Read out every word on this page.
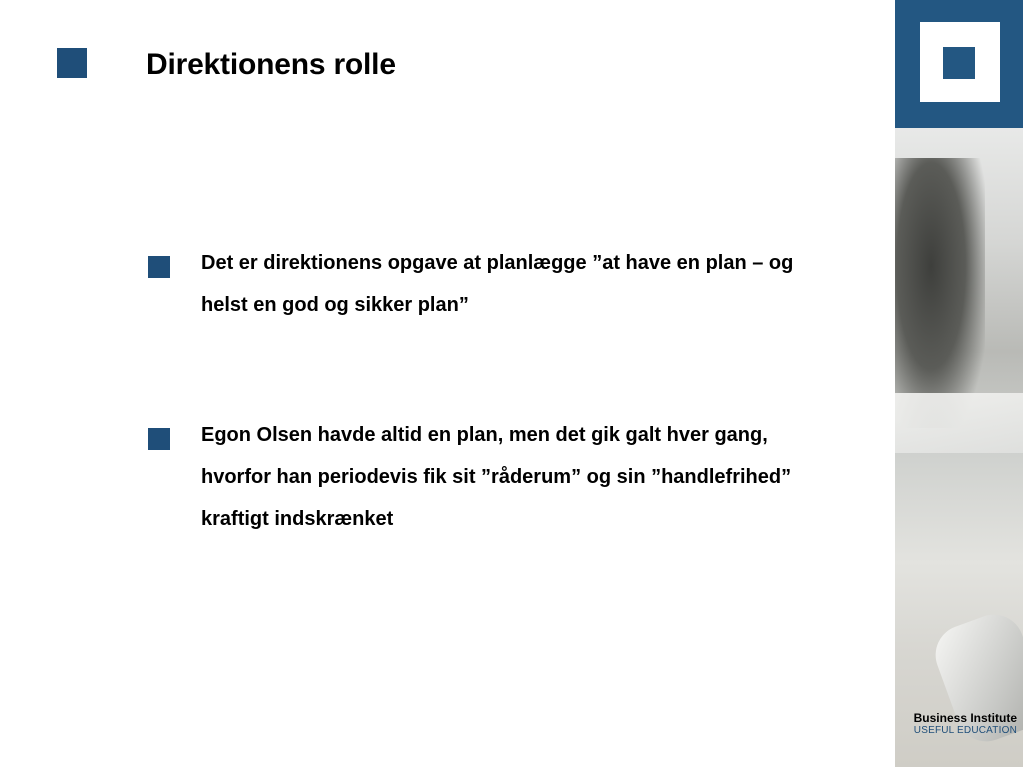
Direktionens rolle
Det er direktionens opgave at planlægge ”at have en plan – og helst en god og sikker plan”
Egon Olsen havde altid en plan, men det gik galt hver gang, hvorfor han periodevis fik sit ”råderum” og sin ”handlefrihed” kraftigt indskrænket
Business Institute
USEFUL EDUCATION
